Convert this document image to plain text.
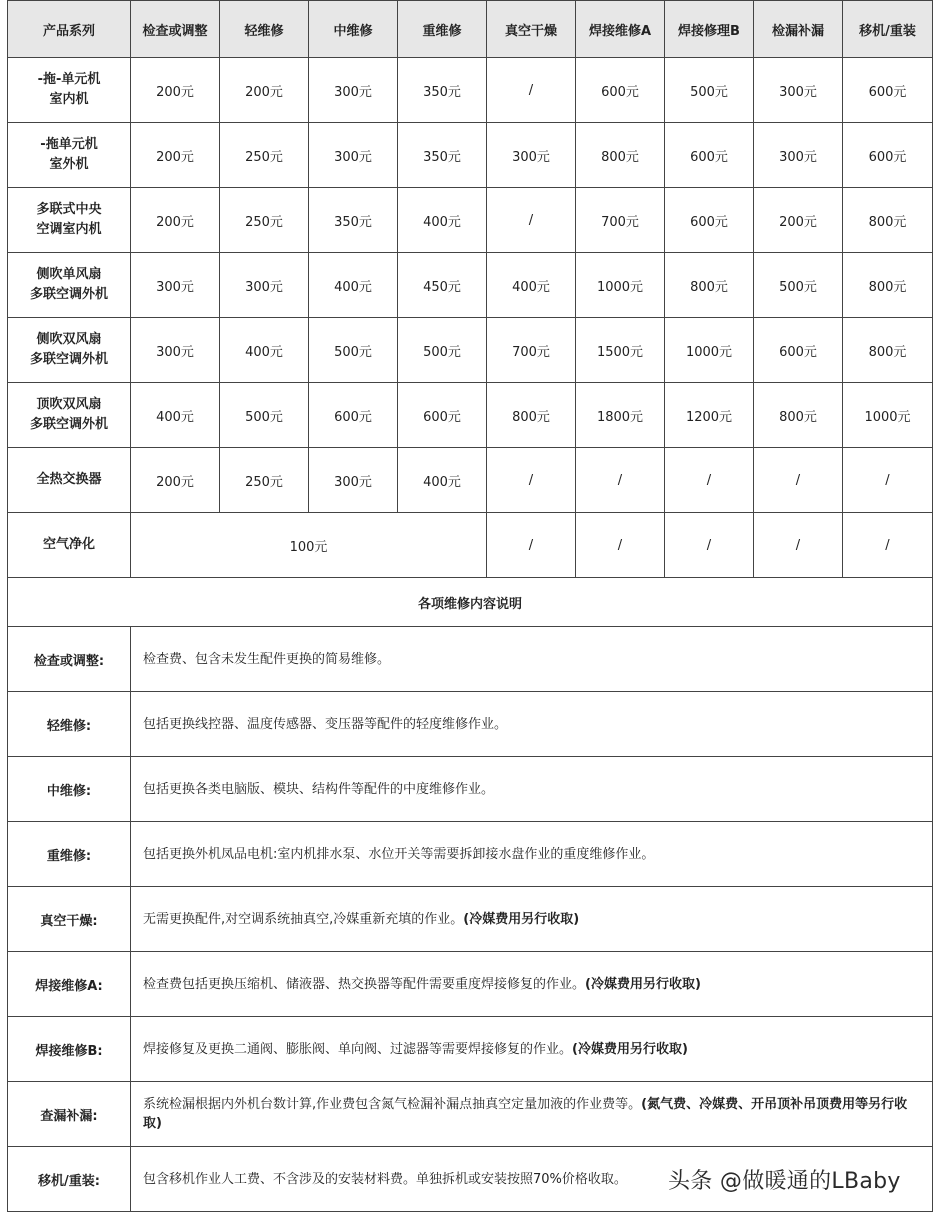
产品系列	检查或调整	轻维修	中维修	重维修	真空干燥	焊接维修A	焊接修理B	检漏补漏	移机/重装
-拖-单元机
室内机	200元	200元	300元	350元	/	600元	500元	300元	600元
-拖单元机
室外机	200元	250元	300元	350元	300元	800元	600元	300元	600元
多联式中央
空调室内机	200元	250元	350元	400元	/	700元	600元	200元	800元
侧吹单风扇
多联空调外机	300元	300元	400元	450元	400元	1000元	800元	500元	800元
侧吹双风扇
多联空调外机	300元	400元	500元	500元	700元	1500元	1000元	600元	800元
顶吹双风扇
多联空调外机	400元	500元	600元	600元	800元	1800元	1200元	800元	1000元
全热交换器	200元	250元	300元	400元	/	/	/	/	/
空气净化	100元				/	/	/	/	/
各项维修内容说明									
检查或调整:	检查费、包含未发生配件更换的简易维修。								
轻维修:	包括更换线控器、温度传感器、变压器等配件的轻度维修作业。								
中维修:	包括更换各类电脑版、模块、结构件等配件的中度维修作业。								
重维修:	包括更换外机凤品电机:室内机排水泵、水位开关等需要拆卸接水盘作业的重度维修作业。								
真空干燥:	无需更换配件,对空调系统抽真空,冷媒重新充填的作业。(冷媒费用另行收取)								
焊接维修A:	检查费包括更换压缩机、储液器、热交换器等配件需要重度焊接修复的作业。(冷媒费用另行收取)								
焊接维修B:	焊接修复及更换二通阀、膨胀阀、单向阀、过滤器等需要焊接修复的作业。(冷媒费用另行收取)								
查漏补漏:	系统检漏根据内外机台数计算,作业费包含氮气检漏补漏点抽真空定量加液的作业费等。(氮气费、冷媒费、开吊顶补吊顶费用等另行收取)								
移机/重装:	包含移机作业人工费、不含涉及的安装材料费。单独拆机或安装按照70%价格收取。								头条 @做暖通的LBaby
